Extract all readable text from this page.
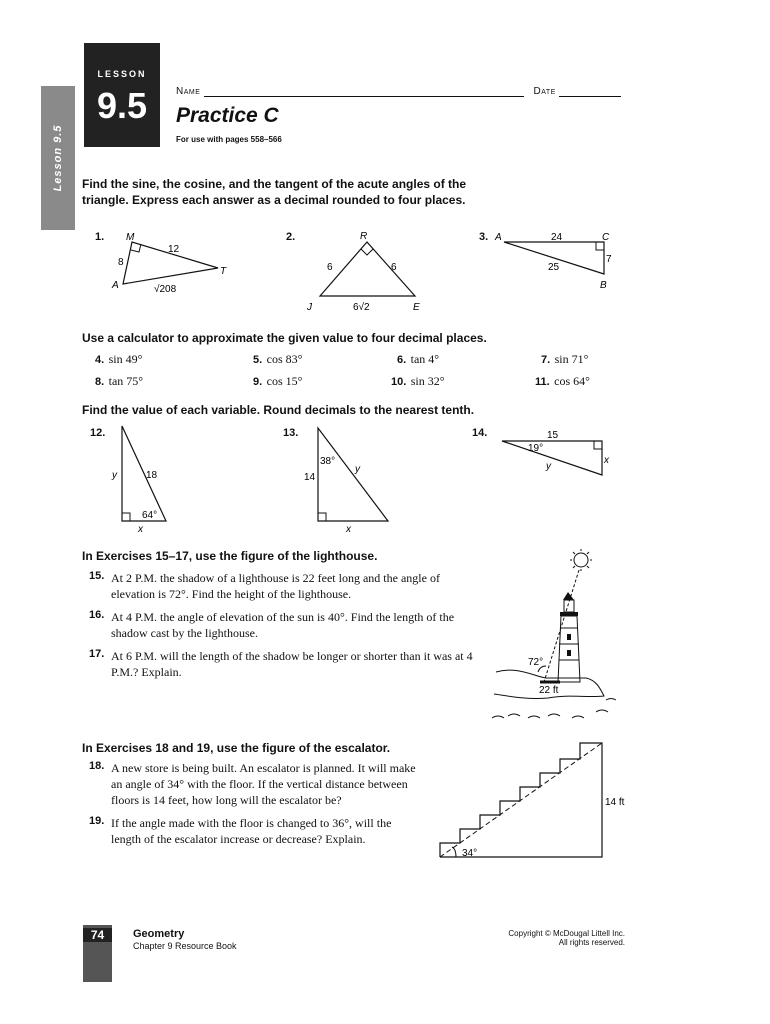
Lesson 9.5
LESSON
9.5	Name	Date
Practice C
For use with pages 558–566
Find the sine, the cosine, and the tangent of the acute angles of the triangle. Express each answer as a decimal rounded to four places.
1. M
A
T
12
8
√208
2.	R
J	E
6	6
6√2
3. A	C
B
24
7
25
Use a calculator to approximate the given value to four decimal places.
4. sin 49°	5. cos 83°	6. tan 4°	7. sin 71°
8. tan 75°	9. cos 15°	10. sin 32°	11. cos 64°
Find the value of each variable. Round decimals to the nearest tenth.
12.
y	18
64°
x
13.
38°
14
y
x
14.	15
19°
y
x
In Exercises 15–17, use the figure of the lighthouse.
15. At 2 P.M. the shadow of a lighthouse is 22 feet long and the angle of elevation is 72°. Find the height of the lighthouse.
16. At 4 P.M. the angle of elevation of the sun is 40°. Find the length of the shadow cast by the lighthouse.
17. At 6 P.M. will the length of the shadow be longer or shorter than it was at 4 P.M.? Explain.
72°
22 ft
In Exercises 18 and 19, use the figure of the escalator.
18. A new store is being built. An escalator is planned. It will make an angle of 34° with the floor. If the vertical distance between floors is 14 feet, how long will the escalator be?
19. If the angle made with the floor is changed to 36°, will the length of the escalator increase or decrease? Explain.
34°
14 ft
74	Geometry
Chapter 9 Resource Book
Copyright © McDougal Littell Inc.
All rights reserved.
